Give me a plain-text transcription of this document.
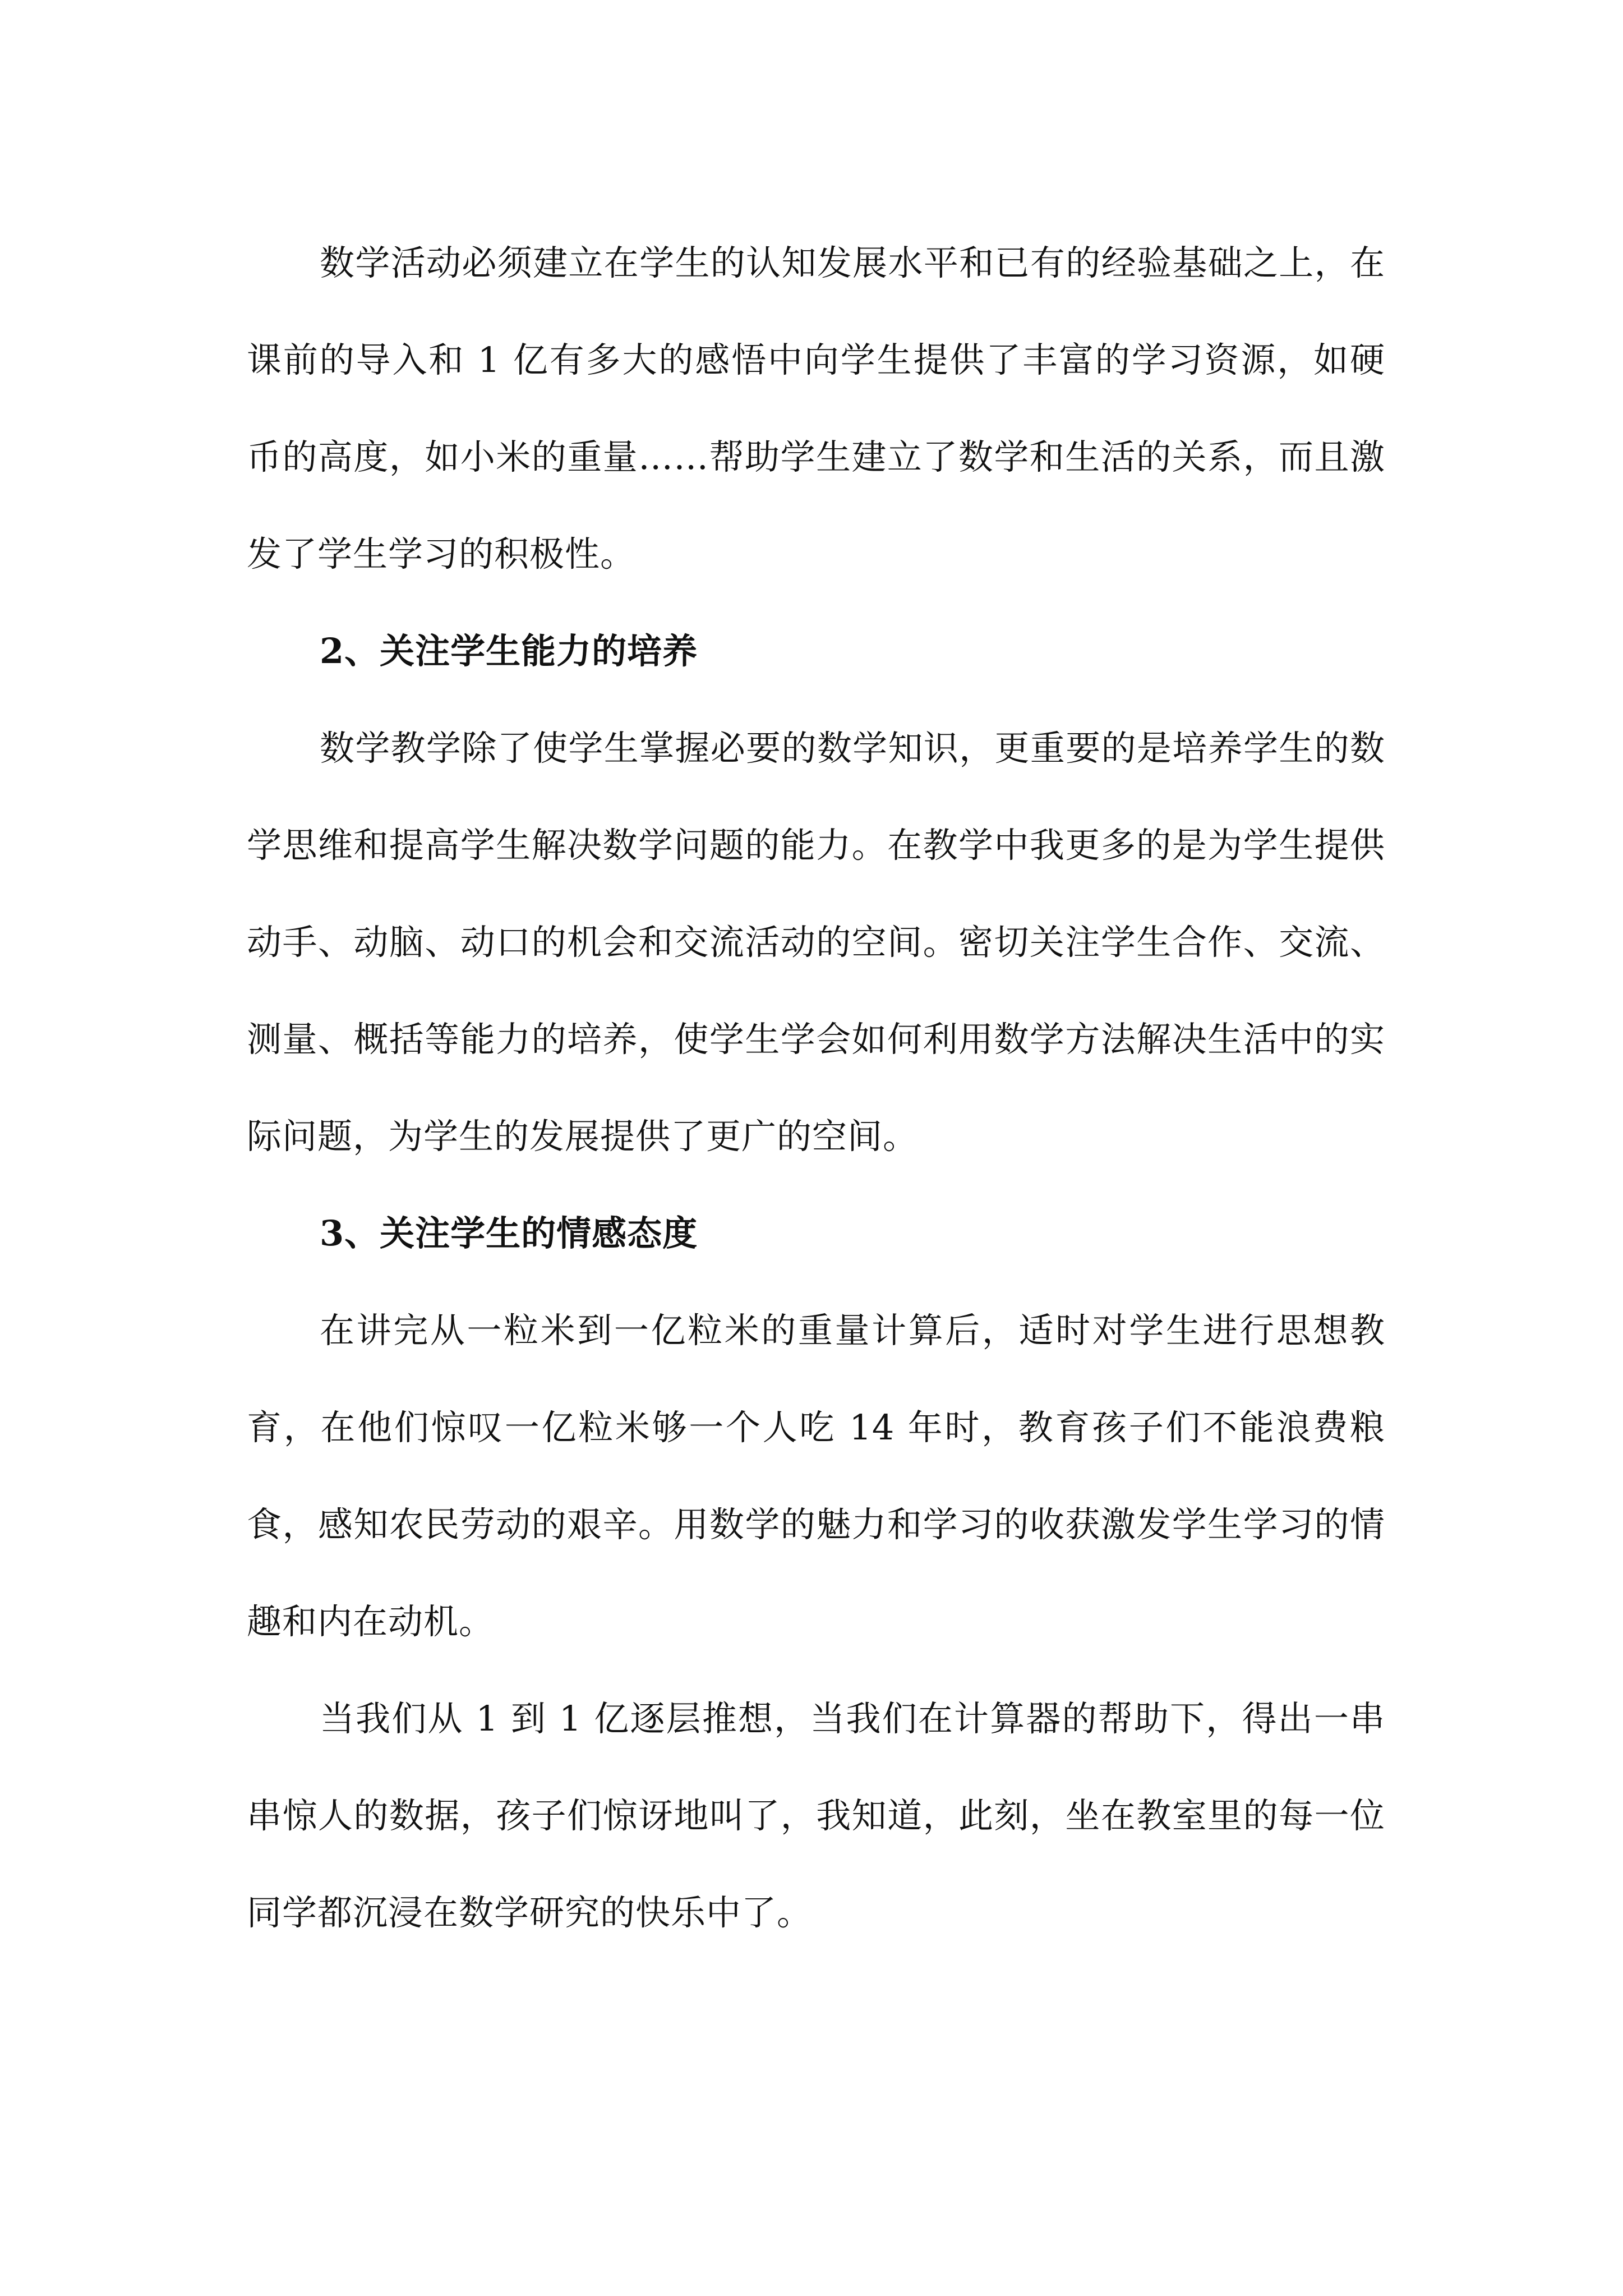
数学活动必须建立在学生的认知发展水平和已有的经验基础之上，在课前的导入和 1 亿有多大的感悟中向学生提供了丰富的学习资源，如硬币的高度，如小米的重量……帮助学生建立了数学和生活的关系，而且激发了学生学习的积极性。

2、关注学生能力的培养

数学教学除了使学生掌握必要的数学知识，更重要的是培养学生的数学思维和提高学生解决数学问题的能力。在教学中我更多的是为学生提供动手、动脑、动口的机会和交流活动的空间。密切关注学生合作、交流、测量、概括等能力的培养，使学生学会如何利用数学方法解决生活中的实际问题，为学生的发展提供了更广的空间。

3、关注学生的情感态度

在讲完从一粒米到一亿粒米的重量计算后，适时对学生进行思想教育，在他们惊叹一亿粒米够一个人吃 14 年时，教育孩子们不能浪费粮食，感知农民劳动的艰辛。用数学的魅力和学习的收获激发学生学习的情趣和内在动机。

当我们从 1 到 1 亿逐层推想，当我们在计算器的帮助下，得出一串串惊人的数据，孩子们惊讶地叫了，我知道，此刻，坐在教室里的每一位同学都沉浸在数学研究的快乐中了。
